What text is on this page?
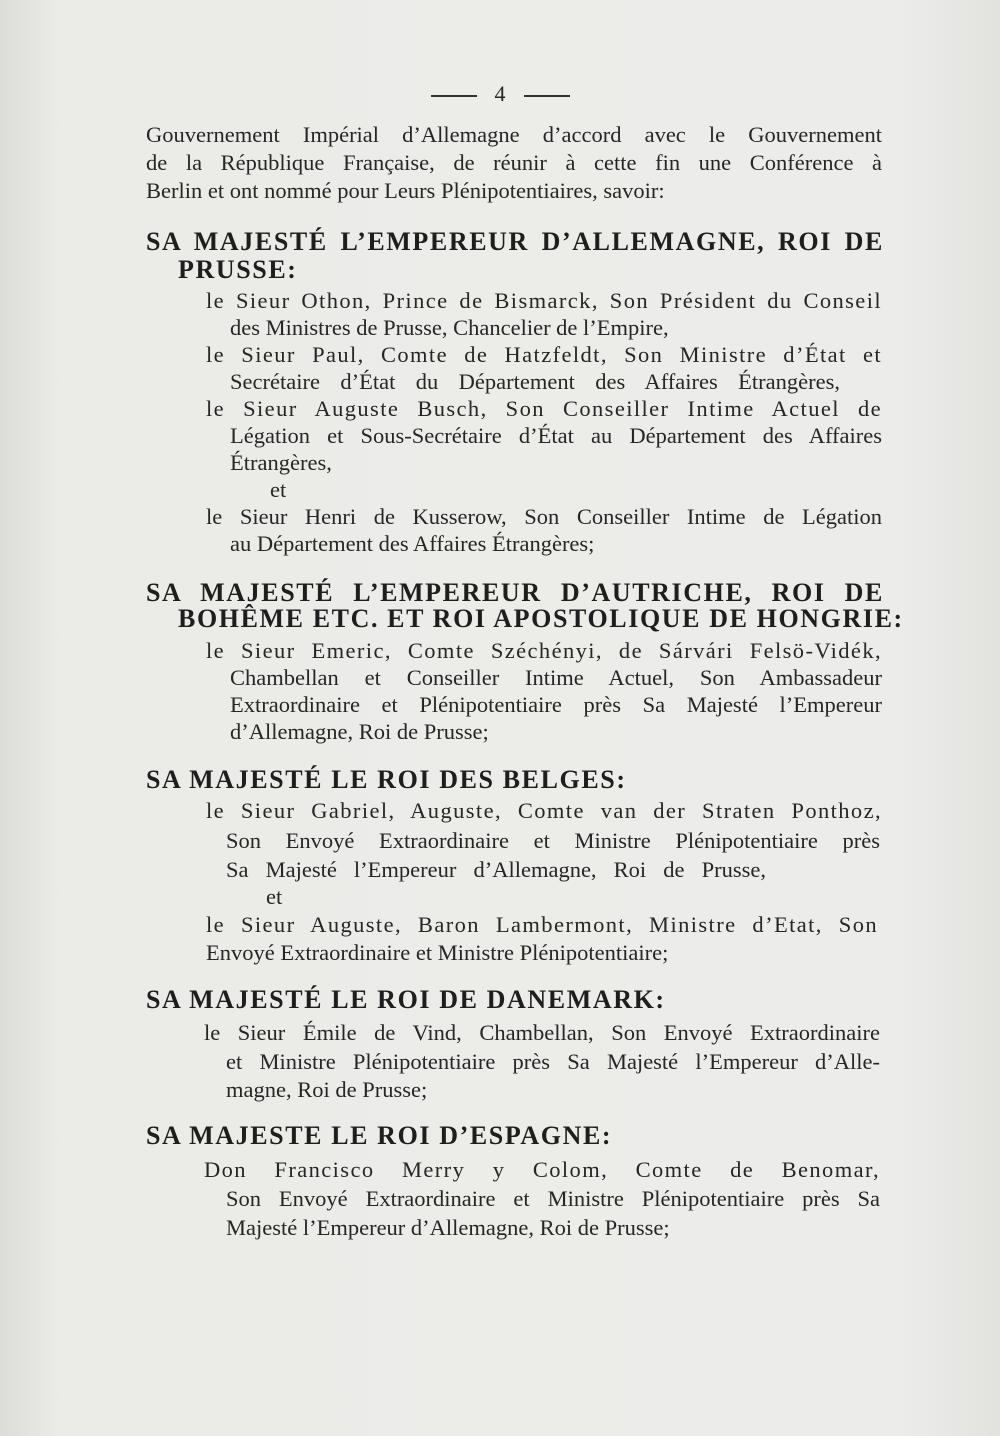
4
Gouvernement Impérial d’Allemagne d’accord avec le Gouvernement
de la République Française, de réunir à cette fin une Conférence à
Berlin et ont nommé pour Leurs Plénipotentiaires, savoir:
SA MAJESTÉ L’EMPEREUR D’ALLEMAGNE, ROI DE
PRUSSE:
le Sieur Othon, Prince de Bismarck, Son Président du Conseil
des Ministres de Prusse, Chancelier de l’Empire,
le Sieur Paul, Comte de Hatzfeldt, Son Ministre d’État et
Secrétaire d’État du Département des Affaires Étrangères,
le Sieur Auguste Busch, Son Conseiller Intime Actuel de
Légation et Sous-Secrétaire d’État au Département des Affaires
Étrangères,
et
le Sieur Henri de Kusserow, Son Conseiller Intime de Légation
au Département des Affaires Étrangères;
SA MAJESTÉ L’EMPEREUR D’AUTRICHE, ROI DE
BOHÊME ETC. ET ROI APOSTOLIQUE DE HONGRIE:
le Sieur Emeric, Comte Széchényi, de Sárvári Felsö-Vidék,
Chambellan et Conseiller Intime Actuel, Son Ambassadeur
Extraordinaire et Plénipotentiaire près Sa Majesté l’Empereur
d’Allemagne, Roi de Prusse;
SA MAJESTÉ LE ROI DES BELGES:
le Sieur Gabriel, Auguste, Comte van der Straten Ponthoz,
Son Envoyé Extraordinaire et Ministre Plénipotentiaire près
Sa Majesté l’Empereur d’Allemagne, Roi de Prusse,
et
le Sieur Auguste, Baron Lambermont, Ministre d’Etat, Son
Envoyé Extraordinaire et Ministre Plénipotentiaire;
SA MAJESTÉ LE ROI DE DANEMARK:
le Sieur Émile de Vind, Chambellan, Son Envoyé Extraordinaire
et Ministre Plénipotentiaire près Sa Majesté l’Empereur d’Alle-
magne, Roi de Prusse;
SA MAJESTE LE ROI D’ESPAGNE:
Don Francisco Merry y Colom, Comte de Benomar,
Son Envoyé Extraordinaire et Ministre Plénipotentiaire près Sa
Majesté l’Empereur d’Allemagne, Roi de Prusse;
